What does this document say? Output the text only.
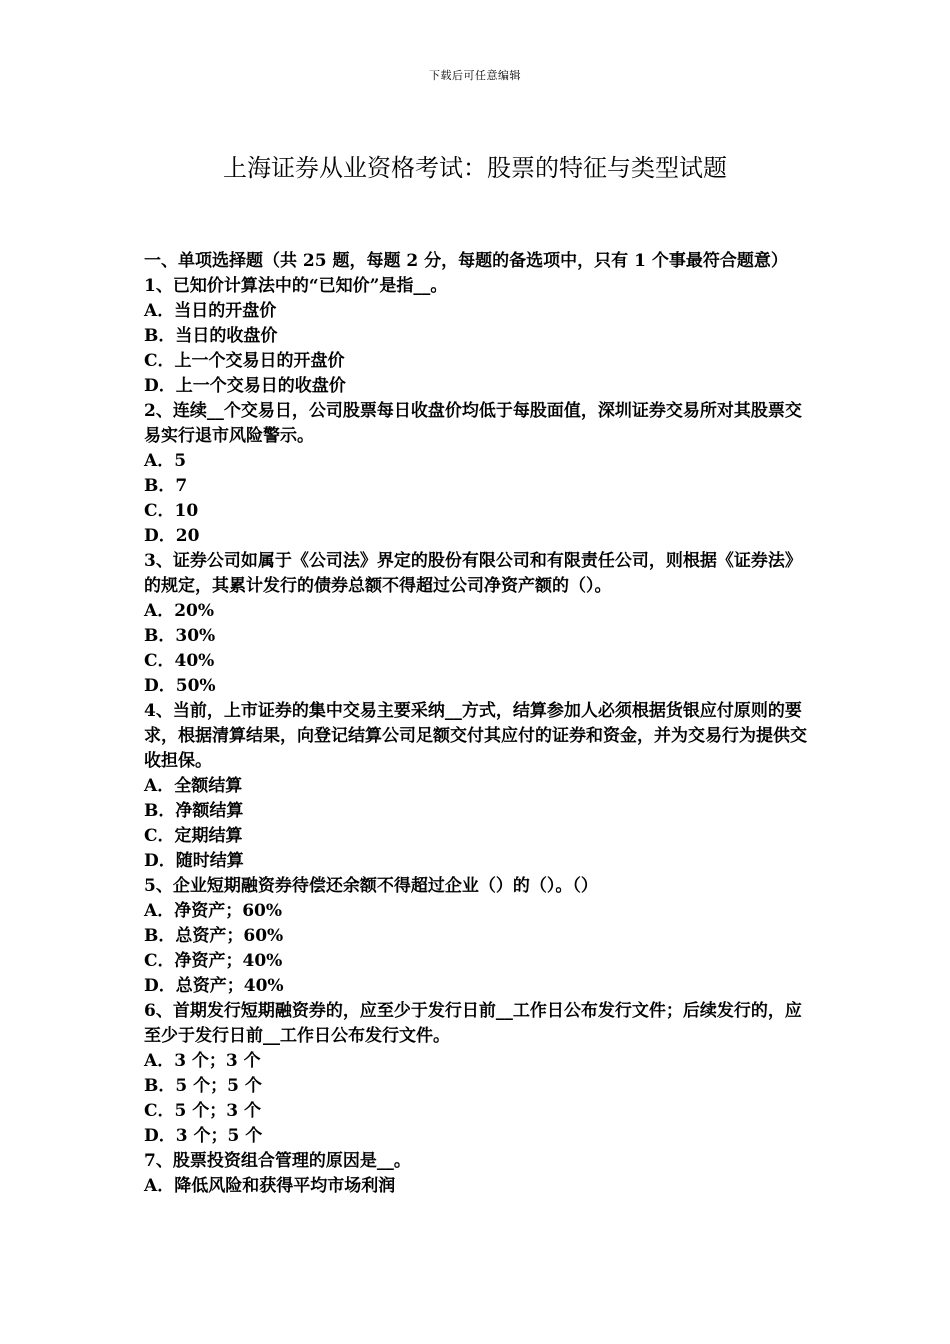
下载后可任意编辑
上海证券从业资格考试：股票的特征与类型试题

一、单项选择题（共 25 题，每题 2 分，每题的备选项中，只有 1 个事最符合题意）

1、已知价计算法中的“已知价”是指__。

A．当日的开盘价

B．当日的收盘价

C．上一个交易日的开盘价

D．上一个交易日的收盘价

2、连续__个交易日，公司股票每日收盘价均低于每股面值，深圳证券交易所对其股票交易实行退市风险警示。

A．5

B．7

C．10

D．20

3、证券公司如属于《公司法》界定的股份有限公司和有限责任公司，则根据《证券法》的规定，其累计发行的债券总额不得超过公司净资产额的（）。

A．20%

B．30%

C．40%

D．50%

4、当前，上市证券的集中交易主要采纳__方式，结算参加人必须根据货银应付原则的要求，根据清算结果，向登记结算公司足额交付其应付的证券和资金，并为交易行为提供交收担保。

A．全额结算

B．净额结算

C．定期结算

D．随时结算

5、企业短期融资券待偿还余额不得超过企业（）的（）。（）

A．净资产；60%

B．总资产；60%

C．净资产；40%

D．总资产；40%

6、首期发行短期融资券的，应至少于发行日前__工作日公布发行文件；后续发行的，应至少于发行日前__工作日公布发行文件。

A．3 个；3 个

B．5 个；5 个

C．5 个；3 个

D．3 个；5 个

7、股票投资组合管理的原因是__。

A．降低风险和获得平均市场利润
